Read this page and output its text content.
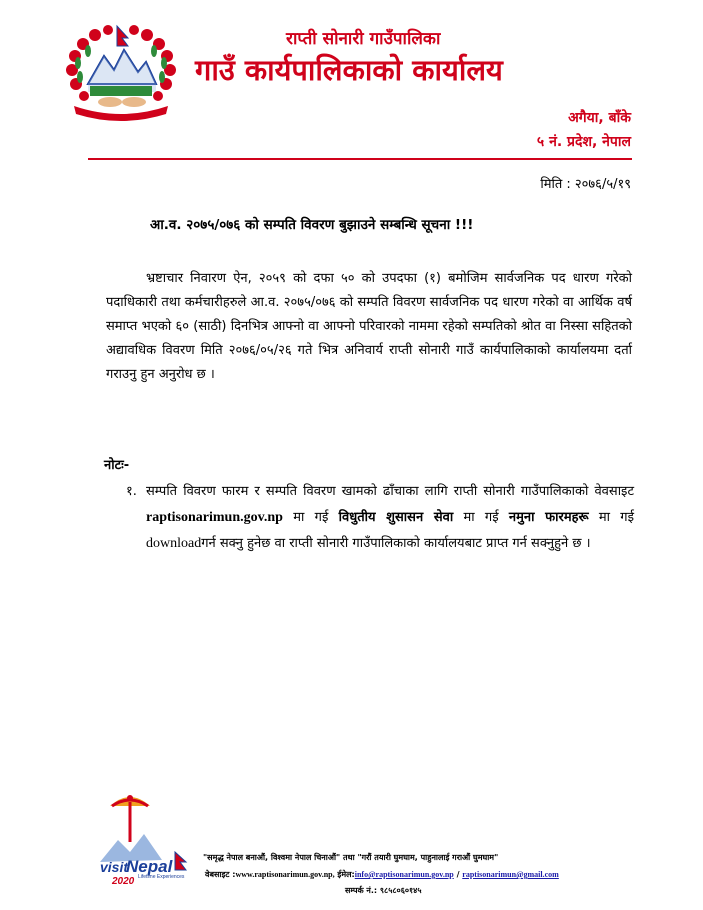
राप्ती सोनारी गाउँपालिका
गाउँ कार्यपालिकाको कार्यालय
अगैया, बाँके
५ नं. प्रदेश, नेपाल
मिति : २०७६/५/१९
आ.व. २०७५/०७६ को सम्पति विवरण बुझाउने सम्बन्धि सूचना !!!
भ्रष्टाचार निवारण ऐन, २०५९ को दफा ५० को उपदफा (१) बमोजिम सार्वजनिक पद धारण गरेको पदाधिकारी तथा कर्मचारीहरुले आ.व. २०७५/०७६ को सम्पति विवरण सार्वजनिक पद धारण गरेको वा आर्थिक वर्ष समाप्त भएको ६० (साठी) दिनभित्र आफ्नो वा आफ्नो परिवारको नाममा रहेको सम्पतिको श्रोत वा निस्सा सहितको अद्यावधिक विवरण मिति २०७६/०५/२६ गते भित्र अनिवार्य राप्ती सोनारी गाउँ कार्यपालिकाको कार्यालयमा दर्ता गराउनु हुन अनुरोध छ ।
नोटः-
१. सम्पति विवरण फारम र सम्पति विवरण खामको ढाँचाका लागि राप्ती सोनारी गाउँपालिकाको वेवसाइट raptisonarimun.gov.np मा गई विधुतीय शुसासन सेवा मा गई नमुना फारमहरू मा गई downloadगर्न सक्नु हुनेछ वा राप्ती सोनारी गाउँपालिकाको कार्यालयबाट प्राप्त गर्न सक्नुहुने छ ।
visit
Nepal
2020 Lifetime Experiences
"समृद्ध नेपाल बनाऔं, विश्वमा नेपाल चिनाऔं" तथा "गरौं तयारी घुमघाम, पाहुनालाई गराऔं घुमघाम"
वेबसाइट :www.raptisonarimun.gov.np, ईमेल:info@raptisonarimun.gov.np / raptisonarimun@gmail.com
सम्पर्क नं.: ९८५८०६०१४५
